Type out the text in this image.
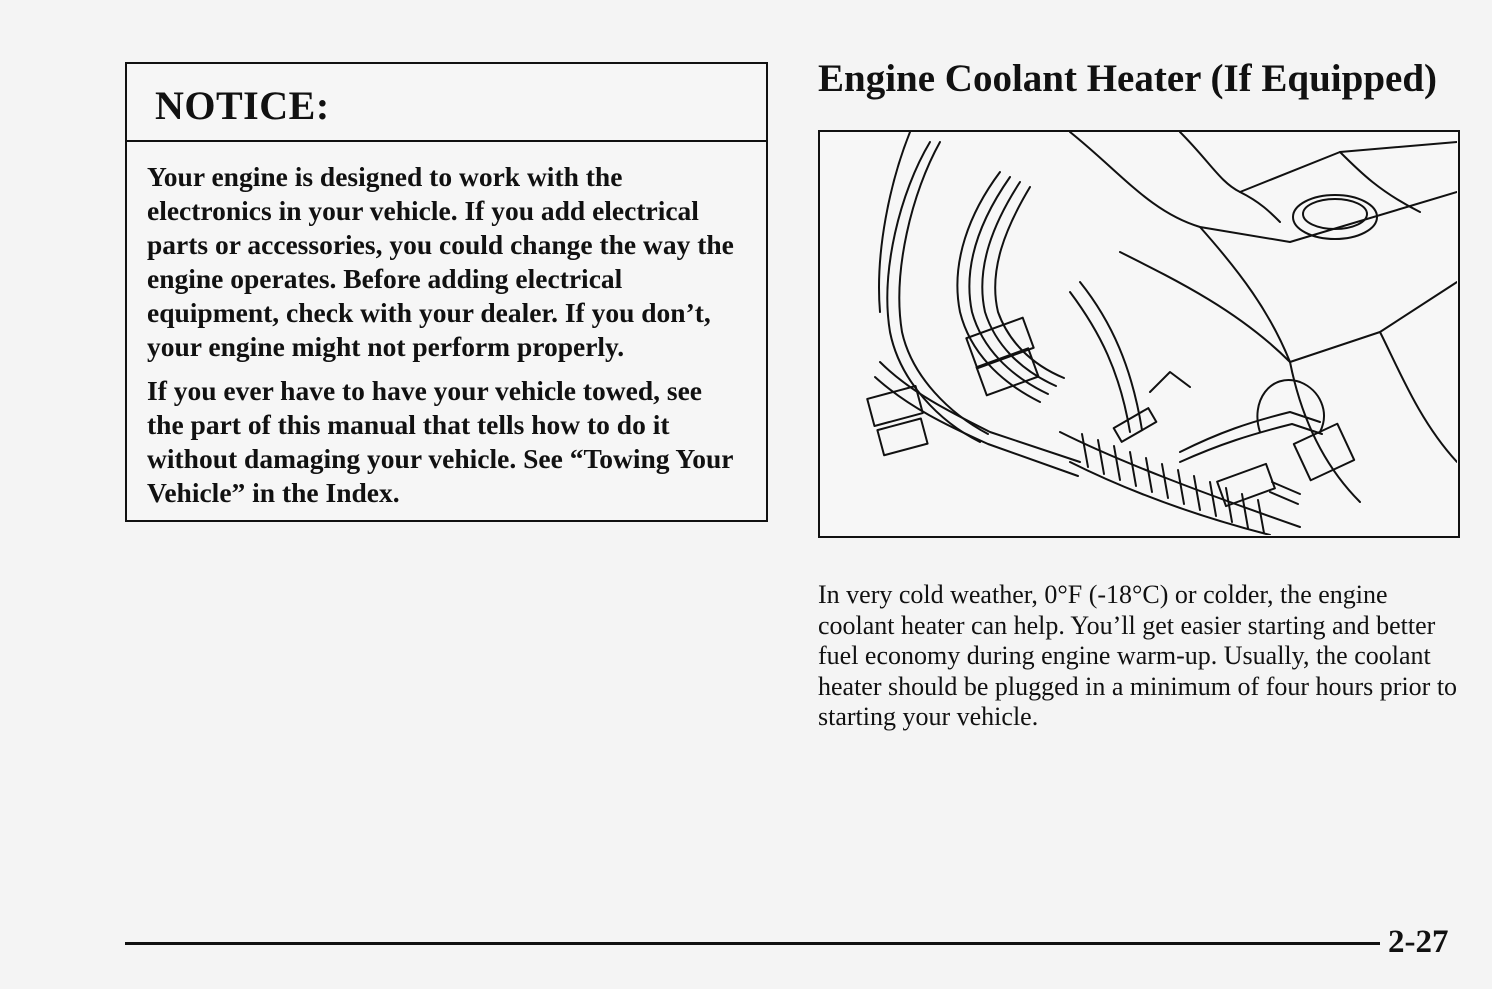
NOTICE:

Your engine is designed to work with the electronics in your vehicle. If you add electrical parts or accessories, you could change the way the engine operates. Before adding electrical equipment, check with your dealer. If you don’t, your engine might not perform properly.

If you ever have to have your vehicle towed, see the part of this manual that tells how to do it without damaging your vehicle. See “Towing Your Vehicle” in the Index.

Engine Coolant Heater (If Equipped)

In very cold weather, 0°F (-18°C) or colder, the engine coolant heater can help. You’ll get easier starting and better fuel economy during engine warm-up. Usually, the coolant heater should be plugged in a minimum of four hours prior to starting your vehicle.

2-27
